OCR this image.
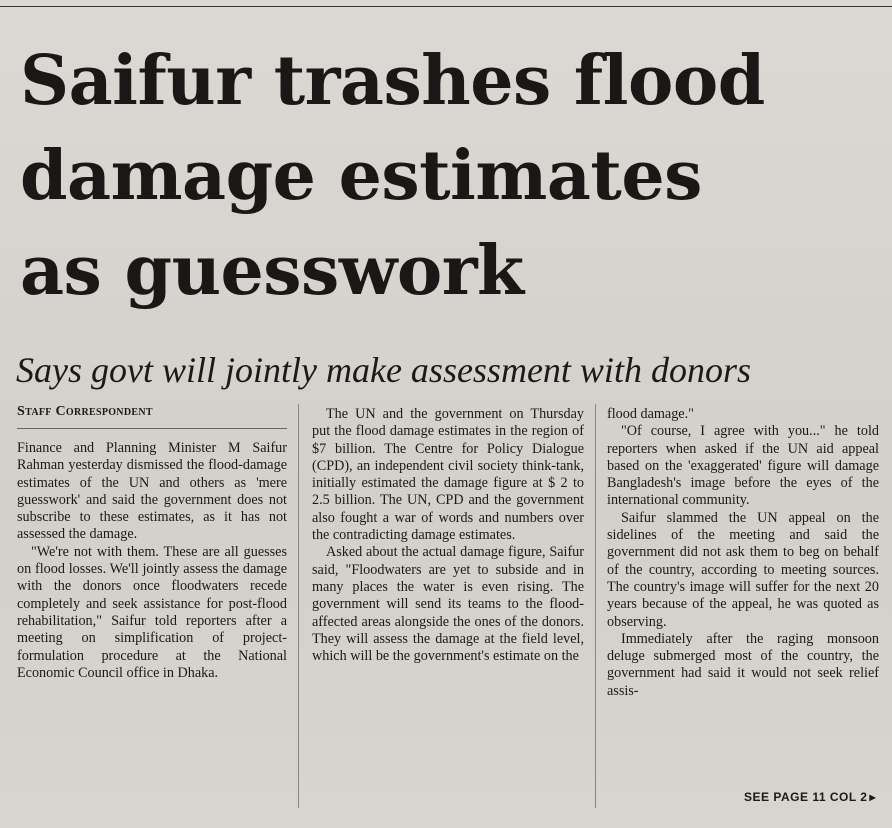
Saifur trashes flood
damage estimates
as guesswork
Says govt will jointly make assessment with donors
Staff Correspondent

Finance and Planning Minister M Saifur Rahman yesterday dismissed the flood-damage estimates of the UN and others as 'mere guesswork' and said the government does not subscribe to these estimates, as it has not assessed the damage.

"We're not with them. These are all guesses on flood losses. We'll jointly assess the damage with the donors once floodwaters recede completely and seek assistance for post-flood rehabilitation," Saifur told reporters after a meeting on simplification of project-formulation procedure at the National Economic Council office in Dhaka.

The UN and the government on Thursday put the flood damage estimates in the region of $7 billion. The Centre for Policy Dialogue (CPD), an independent civil society think-tank, initially estimated the damage figure at $ 2 to 2.5 billion. The UN, CPD and the government also fought a war of words and numbers over the contradicting damage estimates.

Asked about the actual damage figure, Saifur said, "Floodwaters are yet to subside and in many places the water is even rising. The government will send its teams to the flood-affected areas alongside the ones of the donors. They will assess the damage at the field level, which will be the government's estimate on the

flood damage."

"Of course, I agree with you..." he told reporters when asked if the UN aid appeal based on the 'exaggerated' figure will damage Bangladesh's image before the eyes of the international community.

Saifur slammed the UN appeal on the sidelines of the meeting and said the government did not ask them to beg on behalf of the country, according to meeting sources. The country's image will suffer for the next 20 years because of the appeal, he was quoted as observing.

Immediately after the raging monsoon deluge submerged most of the country, the government had said it would not seek relief assis-

SEE PAGE 11 COL 2 ▸
